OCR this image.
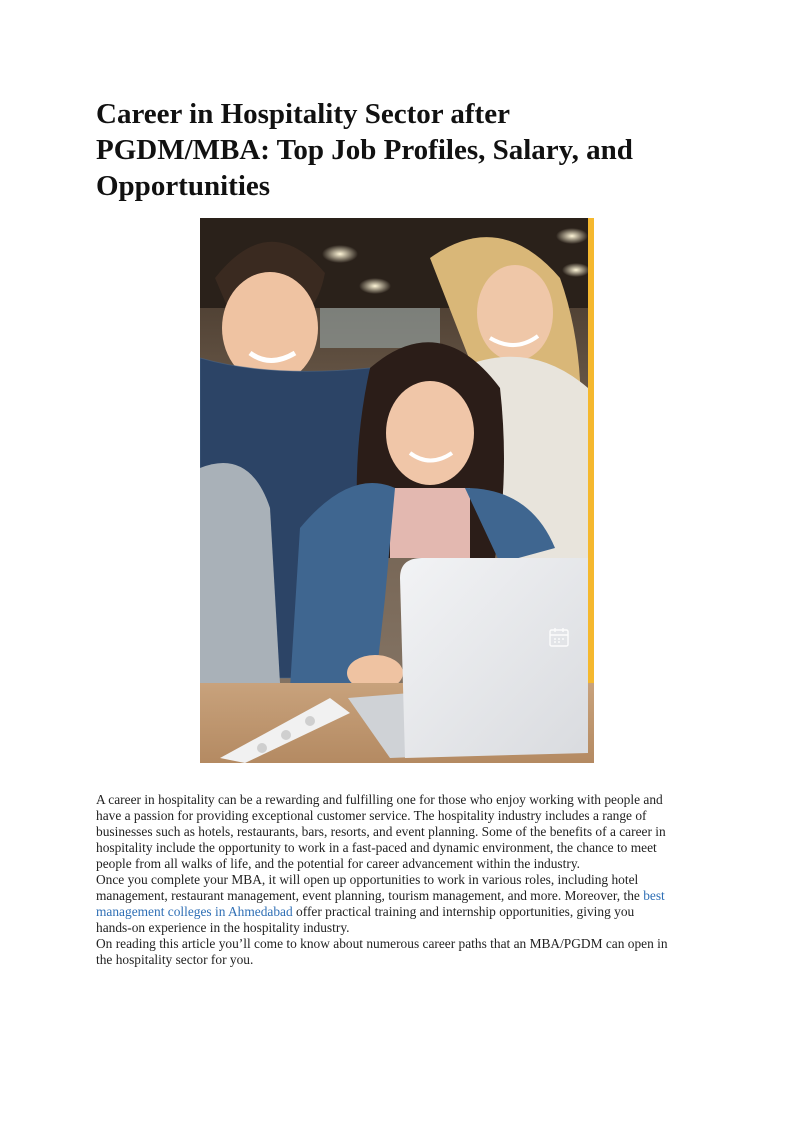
Career in Hospitality Sector after
PGDM/MBA: Top Job Profiles, Salary, and
Opportunities
A career in hospitality can be a rewarding and fulfilling one for those who enjoy working with people and
have a passion for providing exceptional customer service. The hospitality industry includes a range of
businesses such as hotels, restaurants, bars, resorts, and event planning. Some of the benefits of a career in
hospitality include the opportunity to work in a fast-paced and dynamic environment, the chance to meet
people from all walks of life, and the potential for career advancement within the industry.
Once you complete your MBA, it will open up opportunities to work in various roles, including hotel
management, restaurant management, event planning, tourism management, and more. Moreover, the best
management colleges in Ahmedabad offer practical training and internship opportunities, giving you
hands-on experience in the hospitality industry.
On reading this article you’ll come to know about numerous career paths that an MBA/PGDM can open in
the hospitality sector for you.
